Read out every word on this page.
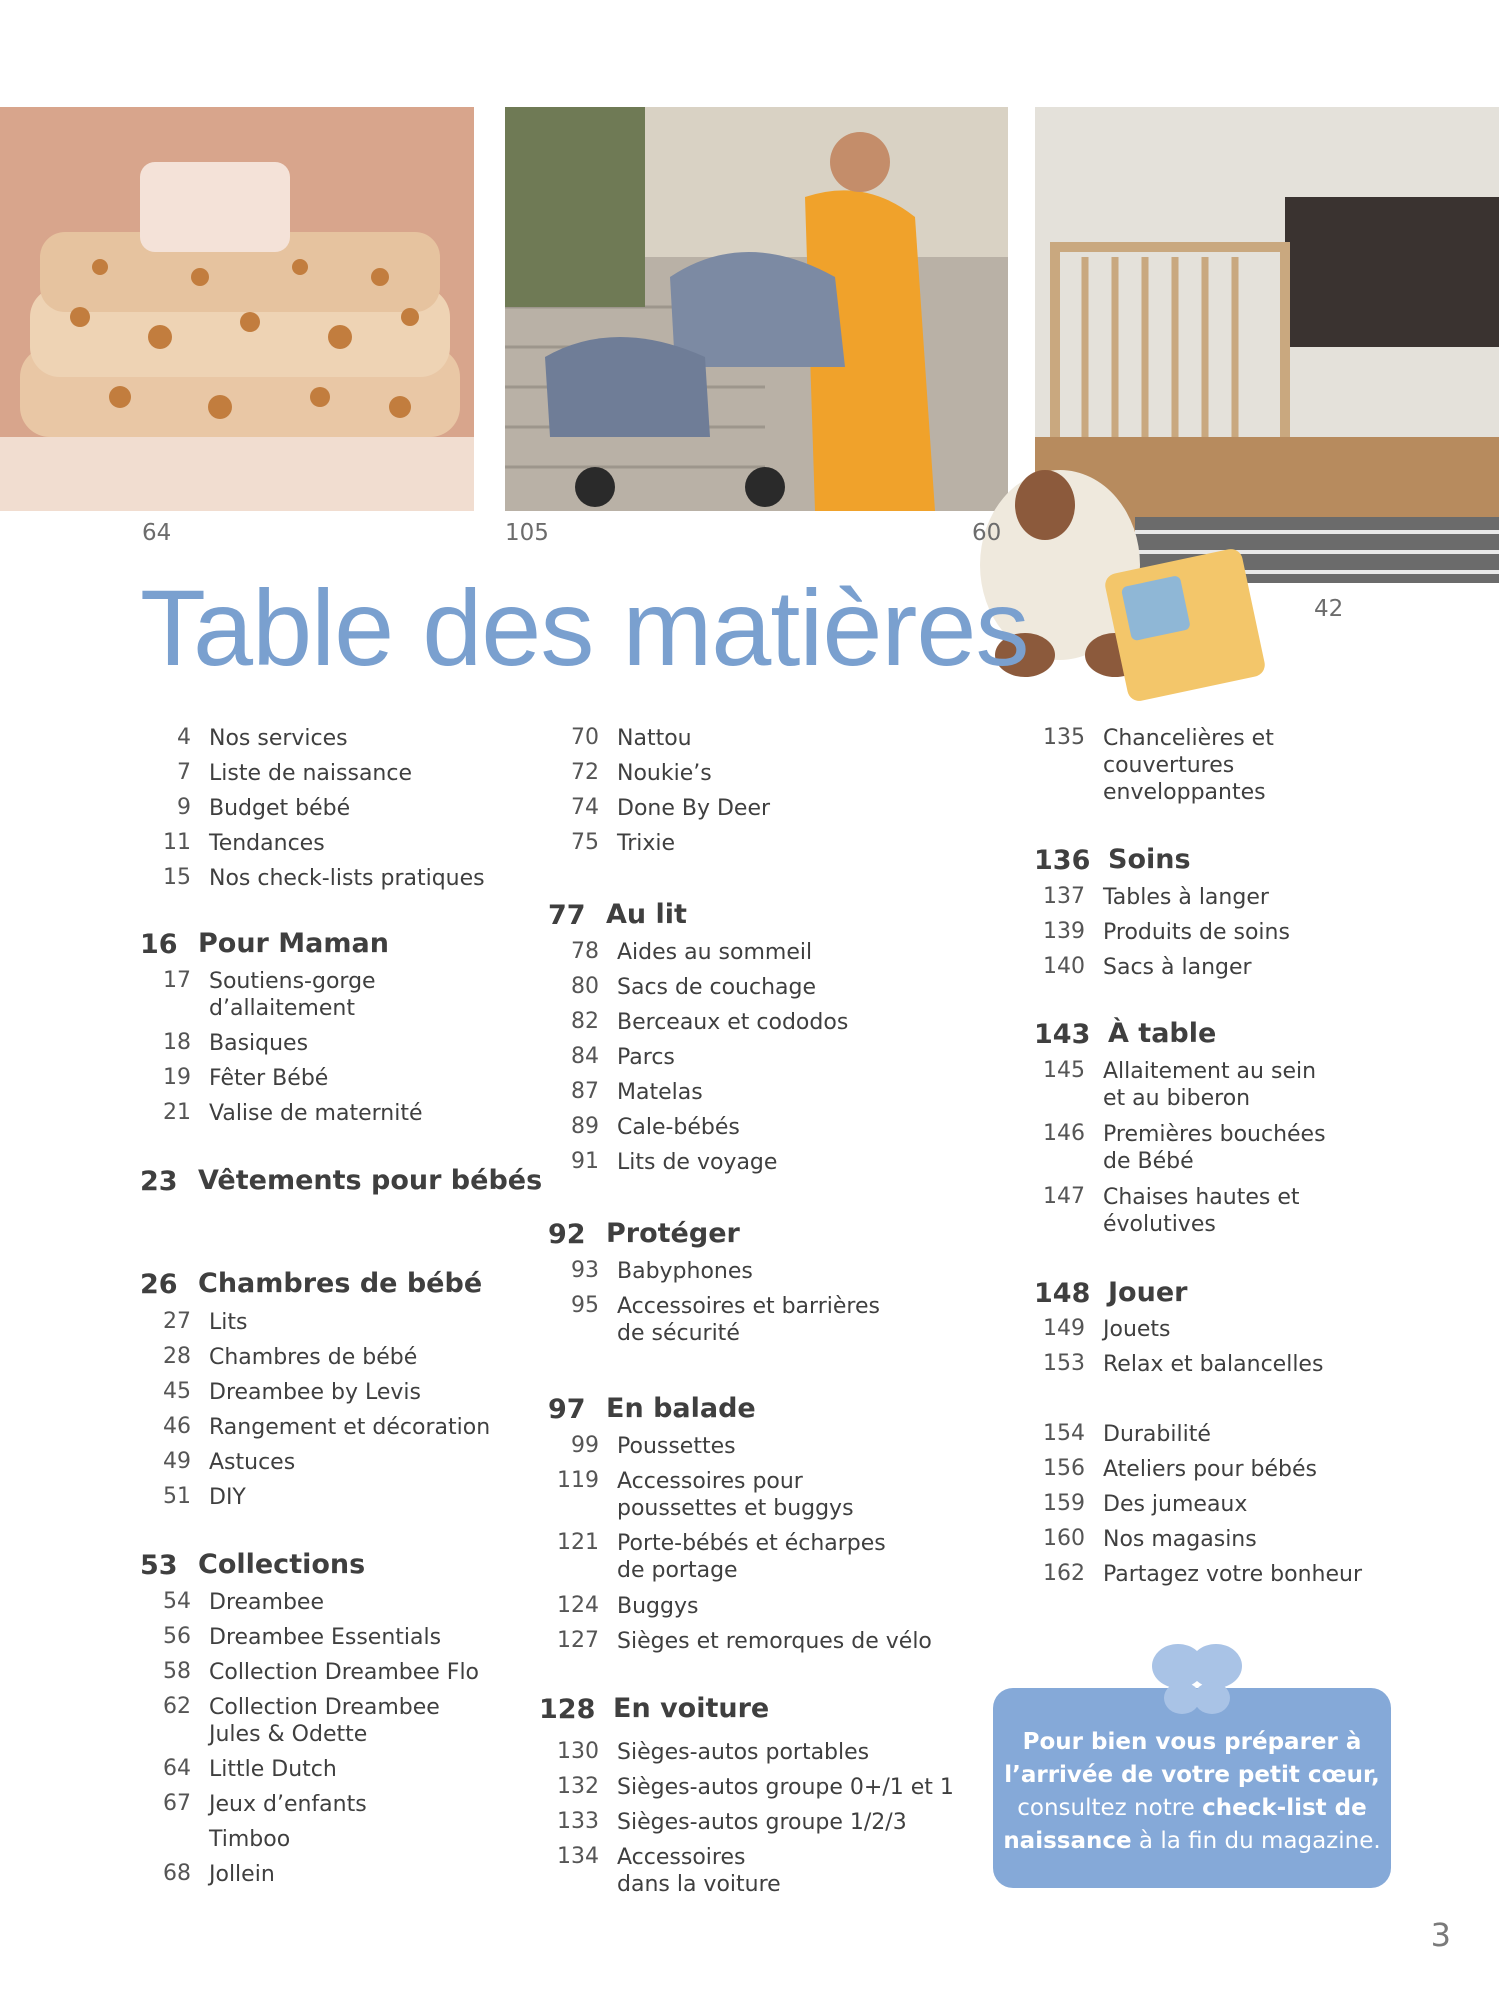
64	105	60
42
Table des matières
4 Nos services
7 Liste de naissance
9 Budget bébé
11 Tendances
15 Nos check-lists pratiques
16 Pour Maman
17 Soutiens-gorge
d’allaitement
18 Basiques
19 Fêter Bébé
21 Valise de maternité
23 Vêtements pour bébés
26 Chambres de bébé
27 Lits
28 Chambres de bébé
45 Dreambee by Levis
46 Rangement et décoration
49 Astuces
51 DIY
53 Collections
54 Dreambee
56 Dreambee Essentials
58 Collection Dreambee Flo
62 Collection Dreambee
Jules & Odette
64 Little Dutch
67 Jeux d’enfants
Timboo
68 Jollein
70 Nattou
72 Noukie’s
74 Done By Deer
75 Trixie
77 Au lit
78 Aides au sommeil
80 Sacs de couchage
82 Berceaux et cododos
84 Parcs
87 Matelas
89 Cale-bébés
91 Lits de voyage
92 Protéger
93 Babyphones
95 Accessoires et barrières
de sécurité
97 En balade
99 Poussettes
119 Accessoires pour
poussettes et buggys
121 Porte-bébés et écharpes
de portage
124 Buggys
127 Sièges et remorques de vélo
128 En voiture
130 Sièges-autos portables
132 Sièges-autos groupe 0+/1 et 1
133 Sièges-autos groupe 1/2/3
134 Accessoires
dans la voiture
135 Chancelières et
couvertures
enveloppantes
136 Soins
137 Tables à langer
139 Produits de soins
140 Sacs à langer
143 À table
145 Allaitement au sein
et au biberon
146 Premières bouchées
de Bébé
147 Chaises hautes et
évolutives
148 Jouer
149 Jouets
153 Relax et balancelles
154 Durabilité
156 Ateliers pour bébés
159 Des jumeaux
160 Nos magasins
162 Partagez votre bonheur
Pour bien vous préparer à
l’arrivée de votre petit cœur,
consultez notre check-list de
naissance à la fin du magazine.
3
